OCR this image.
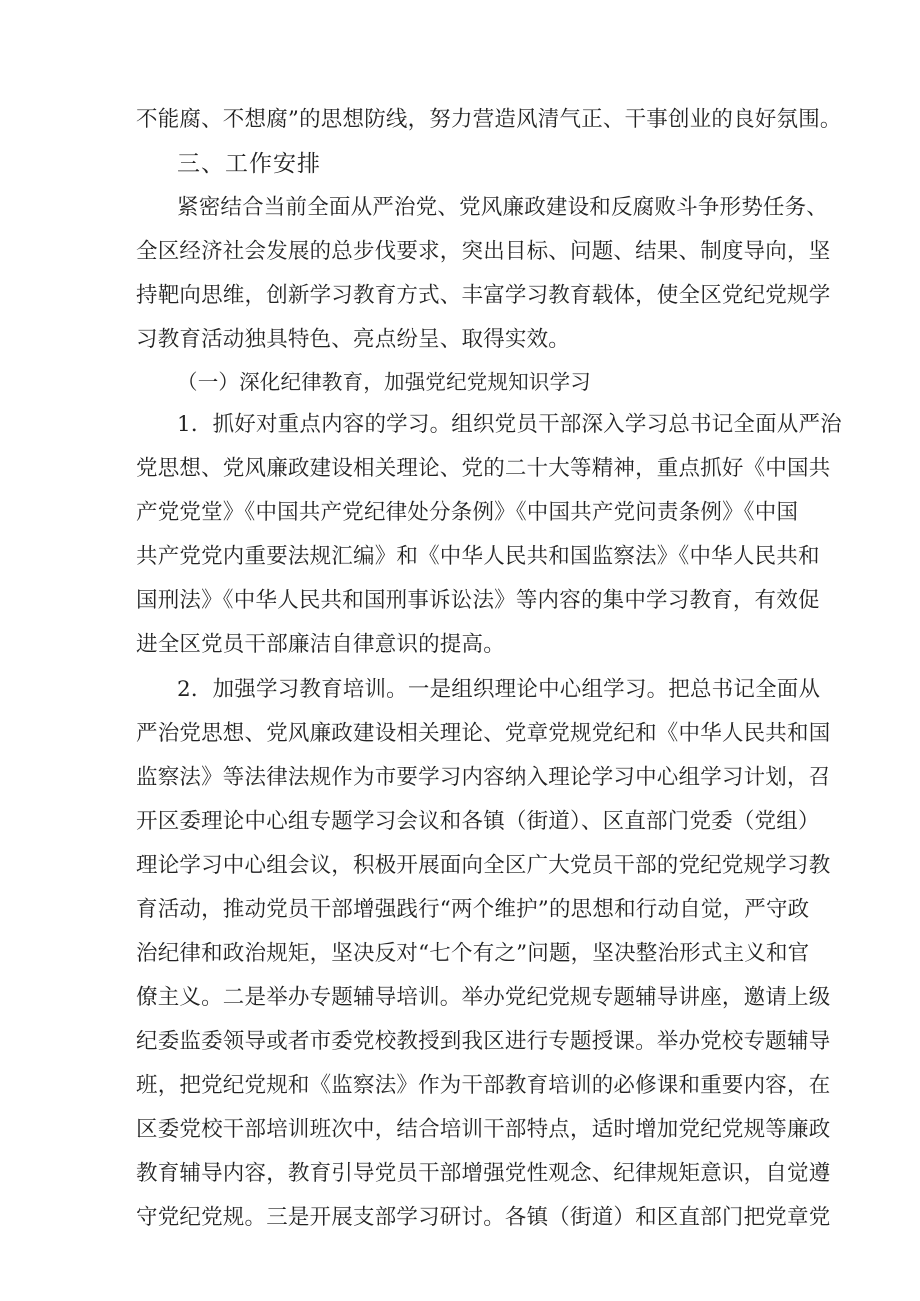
不能腐、不想腐”的思想防线，努力营造风清气正、干事创业的良好氛围。
三、工作安排
紧密结合当前全面从严治党、党风廉政建设和反腐败斗争形势任务、
全区经济社会发展的总步伐要求，突出目标、问题、结果、制度导向，坚
持靶向思维，创新学习教育方式、丰富学习教育载体，使全区党纪党规学
习教育活动独具特色、亮点纷呈、取得实效。
（一）深化纪律教育，加强党纪党规知识学习
1．抓好对重点内容的学习。组织党员干部深入学习总书记全面从严治
党思想、党风廉政建设相关理论、党的二十大等精神，重点抓好《中国共
产党党堂》《中国共产党纪律处分条例》《中国共产党问责条例》《中国
共产党党内重要法规汇编》和《中华人民共和国监察法》《中华人民共和
国刑法》《中华人民共和国刑事诉讼法》等内容的集中学习教育，有效促
进全区党员干部廉洁自律意识的提高。
2．加强学习教育培训。一是组织理论中心组学习。把总书记全面从
严治党思想、党风廉政建设相关理论、党章党规党纪和《中华人民共和国
监察法》等法律法规作为市要学习内容纳入理论学习中心组学习计划，召
开区委理论中心组专题学习会议和各镇（街道）、区直部门党委（党组）
理论学习中心组会议，积极开展面向全区广大党员干部的党纪党规学习教
育活动，推动党员干部增强践行“两个维护”的思想和行动自觉，严守政
治纪律和政治规矩，坚决反对“七个有之”问题，坚决整治形式主义和官
僚主义。二是举办专题辅导培训。举办党纪党规专题辅导讲座，邀请上级
纪委监委领导或者市委党校教授到我区进行专题授课。举办党校专题辅导
班，把党纪党规和《监察法》作为干部教育培训的必修课和重要内容，在
区委党校干部培训班次中，结合培训干部特点，适时增加党纪党规等廉政
教育辅导内容，教育引导党员干部增强党性观念、纪律规矩意识，自觉遵
守党纪党规。三是开展支部学习研讨。各镇（街道）和区直部门把党章党
